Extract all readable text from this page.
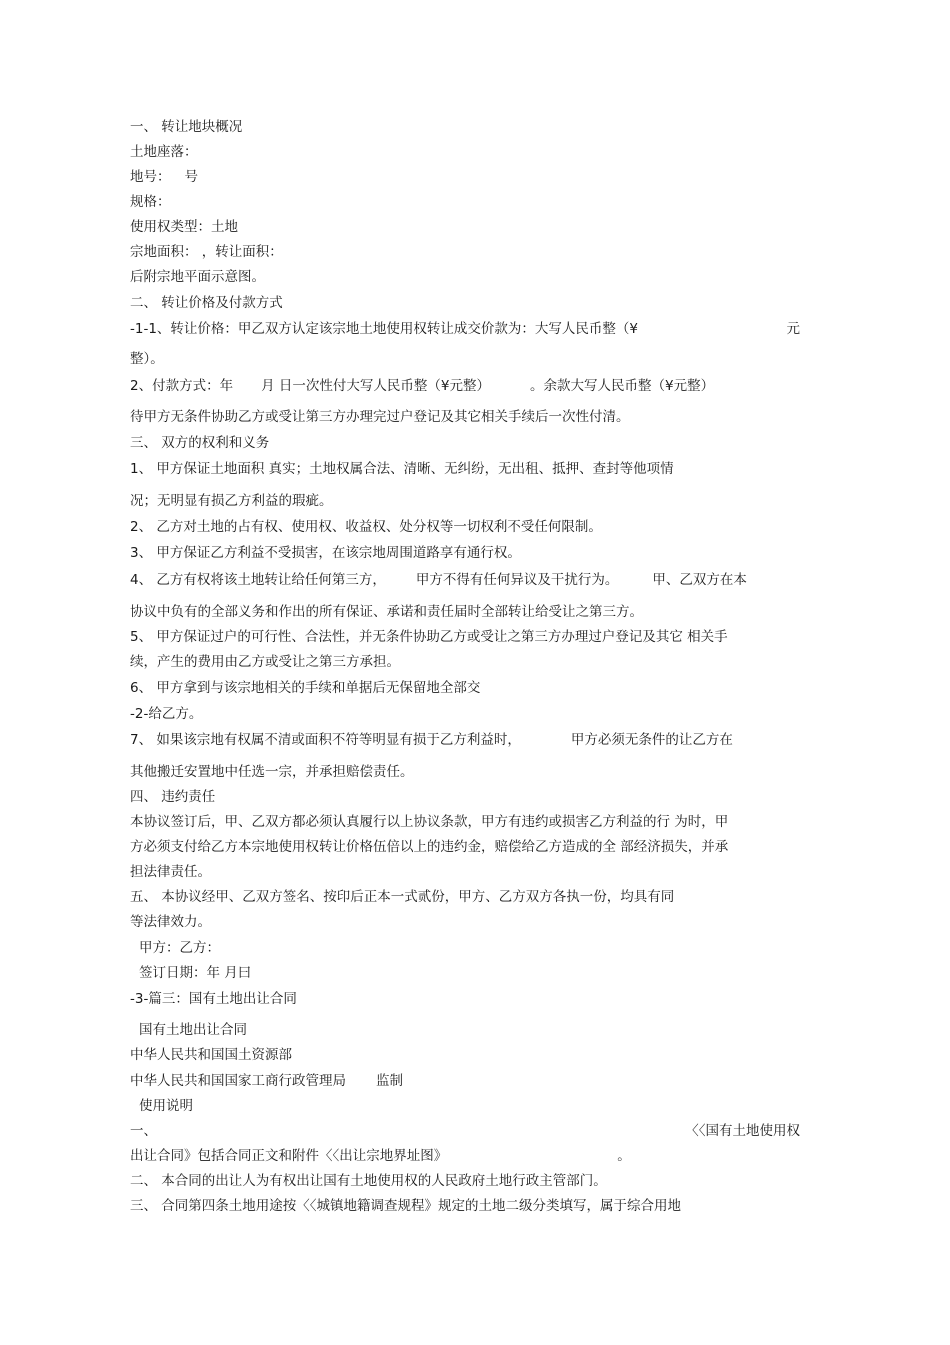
一、 转让地块概况
土地座落：
地号： 号
规格：
使用权类型：土地
宗地面积： ，转让面积：
后附宗地平面示意图。
二、 转让价格及付款方式
-1-1、转让价格：甲乙双方认定该宗地土地使用权转让成交价款为：大写人民币整（¥	元
整）。
2、付款方式：年 月 日一次性付大写人民币整（¥元整）	。余款大写人民币整（¥元整）
待甲方无条件协助乙方或受让第三方办理完过户登记及其它相关手续后一次性付清。
三、 双方的权利和义务
1、 甲方保证土地面积 真实；土地权属合法、清晰、无纠纷，无出租、抵押、查封等他项情
况；无明显有损乙方利益的瑕疵。
2、 乙方对土地的占有权、使用权、收益权、处分权等一切权利不受任何限制。
3、 甲方保证乙方利益不受损害，在该宗地周围道路享有通行权。
4、 乙方有权将该土地转让给任何第三方， 甲方不得有任何异议及干扰行为。	甲、乙双方在本
协议中负有的全部义务和作出的所有保证、承诺和责任届时全部转让给受让之第三方。
5、 甲方保证过户的可行性、合法性，并无条件协助乙方或受让之第三方办理过户登记及其它 相关手
续，产生的费用由乙方或受让之第三方承担。
6、 甲方拿到与该宗地相关的手续和单据后无保留地全部交
-2-给乙方。
7、 如果该宗地有权属不清或面积不符等明显有损于乙方利益时，	甲方必须无条件的让乙方在
其他搬迁安置地中任选一宗，并承担赔偿责任。
四、 违约责任
本协议签订后，甲、乙双方都必须认真履行以上协议条款，甲方有违约或损害乙方利益的行 为时，甲
方必须支付给乙方本宗地使用权转让价格伍倍以上的违约金，赔偿给乙方造成的全 部经济损失，并承
担法律责任。
五、 本协议经甲、乙双方签名、按印后正本一式贰份，甲方、乙方双方各执一份，均具有同
等法律效力。
甲方：乙方：
签订日期：年 月曰
-3-篇三：国有土地出让合同
国有土地出让合同
中华人民共和国国土资源部
中华人民共和国国家工商行政管理局 监制
使用说明
一、	〈〈国有土地使用权
出让合同》包括合同正文和附件〈〈出让宗地界址图》	。
二、 本合同的出让人为有权出让国有土地使用权的人民政府土地行政主管部门。
三、 合同第四条土地用途按〈〈城镇地籍调查规程》规定的土地二级分类填写，属于综合用地
